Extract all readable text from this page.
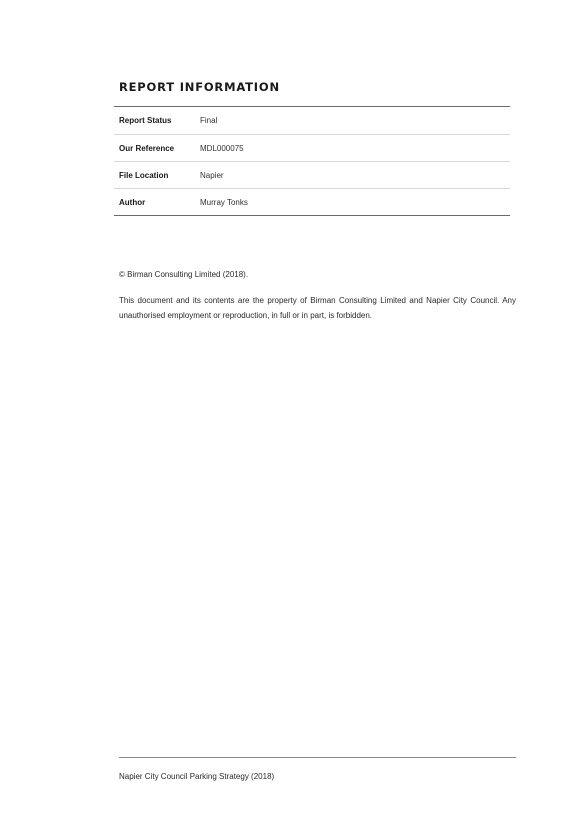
REPORT INFORMATION
Report Status	Final
Our Reference	MDL000075
File Location	Napier
Author	Murray Tonks
© Birman Consulting Limited (2018).
This document and its contents are the property of Birman Consulting Limited and Napier City Council. Any unauthorised employment or reproduction, in full or in part, is forbidden.
Napier City Council Parking Strategy (2018)
